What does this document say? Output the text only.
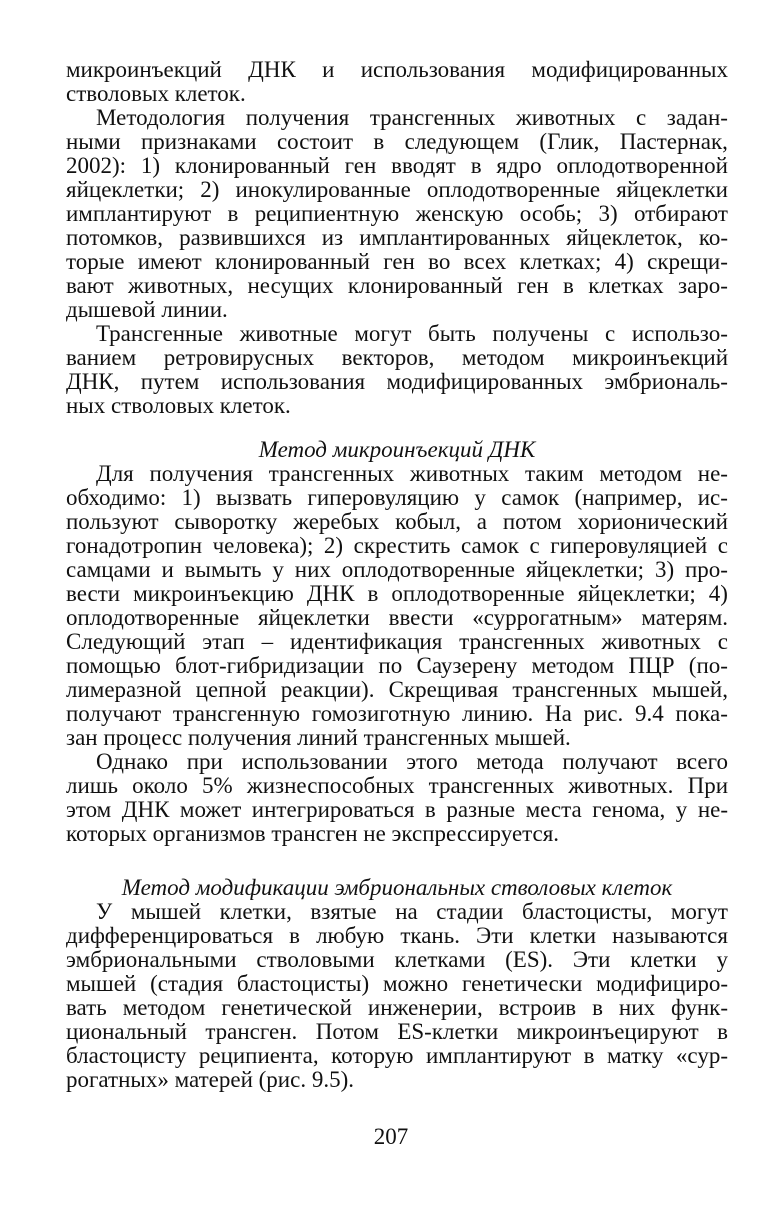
микроинъекций ДНК и использования модифицированных
стволовых клеток.
Методология получения трансгенных животных с задан-
ными признаками состоит в следующем (Глик, Пастернак,
2002): 1) клонированный ген вводят в ядро оплодотворенной
яйцеклетки; 2) инокулированные оплодотворенные яйцеклетки
имплантируют в реципиентную женскую особь; 3) отбирают
потомков, развившихся из имплантированных яйцеклеток, ко-
торые имеют клонированный ген во всех клетках; 4) скрещи-
вают животных, несущих клонированный ген в клетках заро-
дышевой линии.
Трансгенные животные могут быть получены с использо-
ванием ретровирусных векторов, методом микроинъекций
ДНК, путем использования модифицированных эмбриональ-
ных стволовых клеток.
Метод микроинъекций ДНК
Для получения трансгенных животных таким методом не-
обходимо: 1) вызвать гиперовуляцию у самок (например, ис-
пользуют сыворотку жеребых кобыл, а потом хорионический
гонадотропин человека); 2) скрестить самок с гиперовуляцией с
самцами и вымыть у них оплодотворенные яйцеклетки; 3) про-
вести микроинъекцию ДНК в оплодотворенные яйцеклетки; 4)
оплодотворенные яйцеклетки ввести «суррогатным» матерям.
Следующий этап – идентификация трансгенных животных с
помощью блот-гибридизации по Саузерену методом ПЦР (по-
лимеразной цепной реакции). Скрещивая трансгенных мышей,
получают трансгенную гомозиготную линию. На рис. 9.4 пока-
зан процесс получения линий трансгенных мышей.
Однако при использовании этого метода получают всего
лишь около 5% жизнеспособных трансгенных животных. При
этом ДНК может интегрироваться в разные места генома, у не-
которых организмов трансген не экспрессируется.
Метод модификации эмбриональных стволовых клеток
У мышей клетки, взятые на стадии бластоцисты, могут
дифференцироваться в любую ткань. Эти клетки называются
эмбриональными стволовыми клетками (ES). Эти клетки у
мышей (стадия бластоцисты) можно генетически модифициро-
вать методом генетической инженерии, встроив в них функ-
циональный трансген. Потом ES-клетки микроинъецируют в
бластоцисту реципиента, которую имплантируют в матку «сур-
рогатных» матерей (рис. 9.5).
207
